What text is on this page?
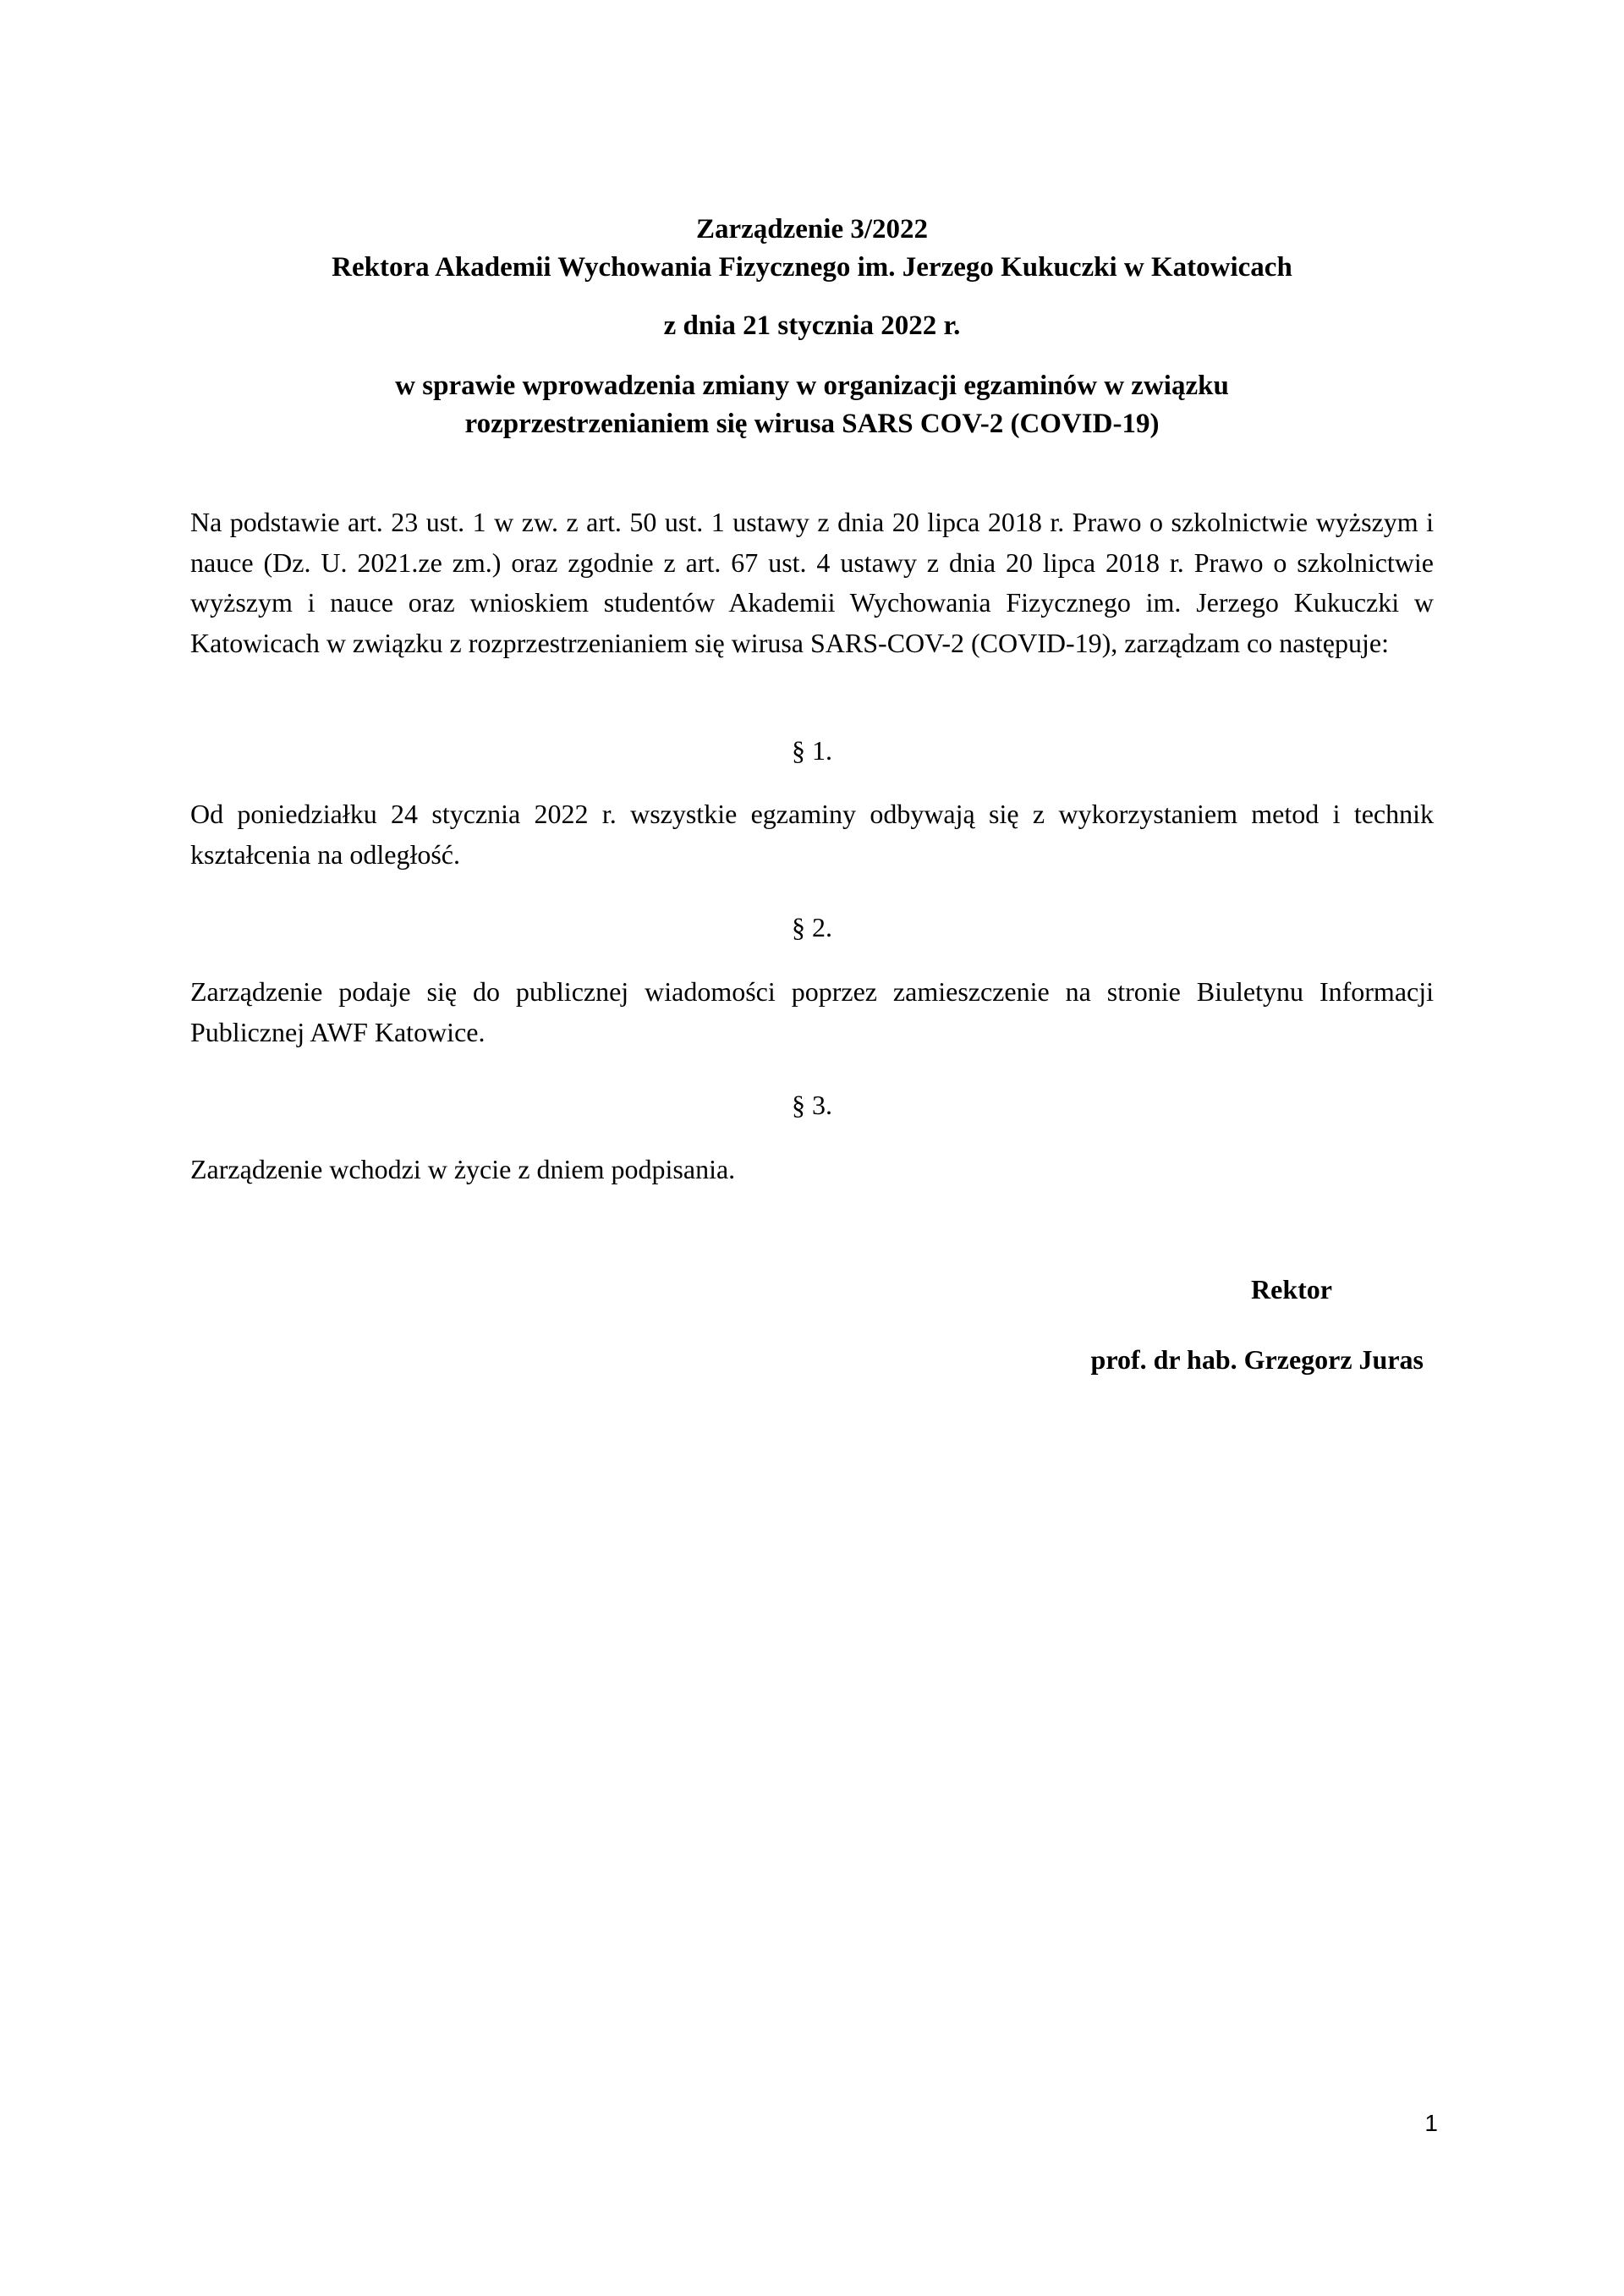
Zarządzenie 3/2022
Rektora Akademii Wychowania Fizycznego im. Jerzego Kukuczki w Katowicach
z dnia 21 stycznia 2022 r.
w sprawie wprowadzenia zmiany w organizacji egzaminów w związku
rozprzestrzenianiem się wirusa SARS COV-2 (COVID-19)

Na podstawie art. 23 ust. 1 w zw. z art. 50 ust. 1 ustawy z dnia 20 lipca 2018 r. Prawo o szkolnictwie wyższym i nauce (Dz. U. 2021.ze zm.) oraz zgodnie z art. 67 ust. 4 ustawy z dnia 20 lipca 2018 r. Prawo o szkolnictwie wyższym i nauce oraz wnioskiem studentów Akademii Wychowania Fizycznego im. Jerzego Kukuczki w Katowicach w związku z rozprzestrzenianiem się wirusa SARS-COV-2 (COVID-19), zarządzam co następuje:

§ 1.

Od poniedziałku 24 stycznia 2022 r. wszystkie egzaminy odbywają się z wykorzystaniem metod i technik kształcenia na odległość.

§ 2.

Zarządzenie podaje się do publicznej wiadomości poprzez zamieszczenie na stronie Biuletynu Informacji Publicznej AWF Katowice.

§ 3.

Zarządzenie wchodzi w życie z dniem podpisania.

Rektor
prof. dr hab. Grzegorz Juras
1
